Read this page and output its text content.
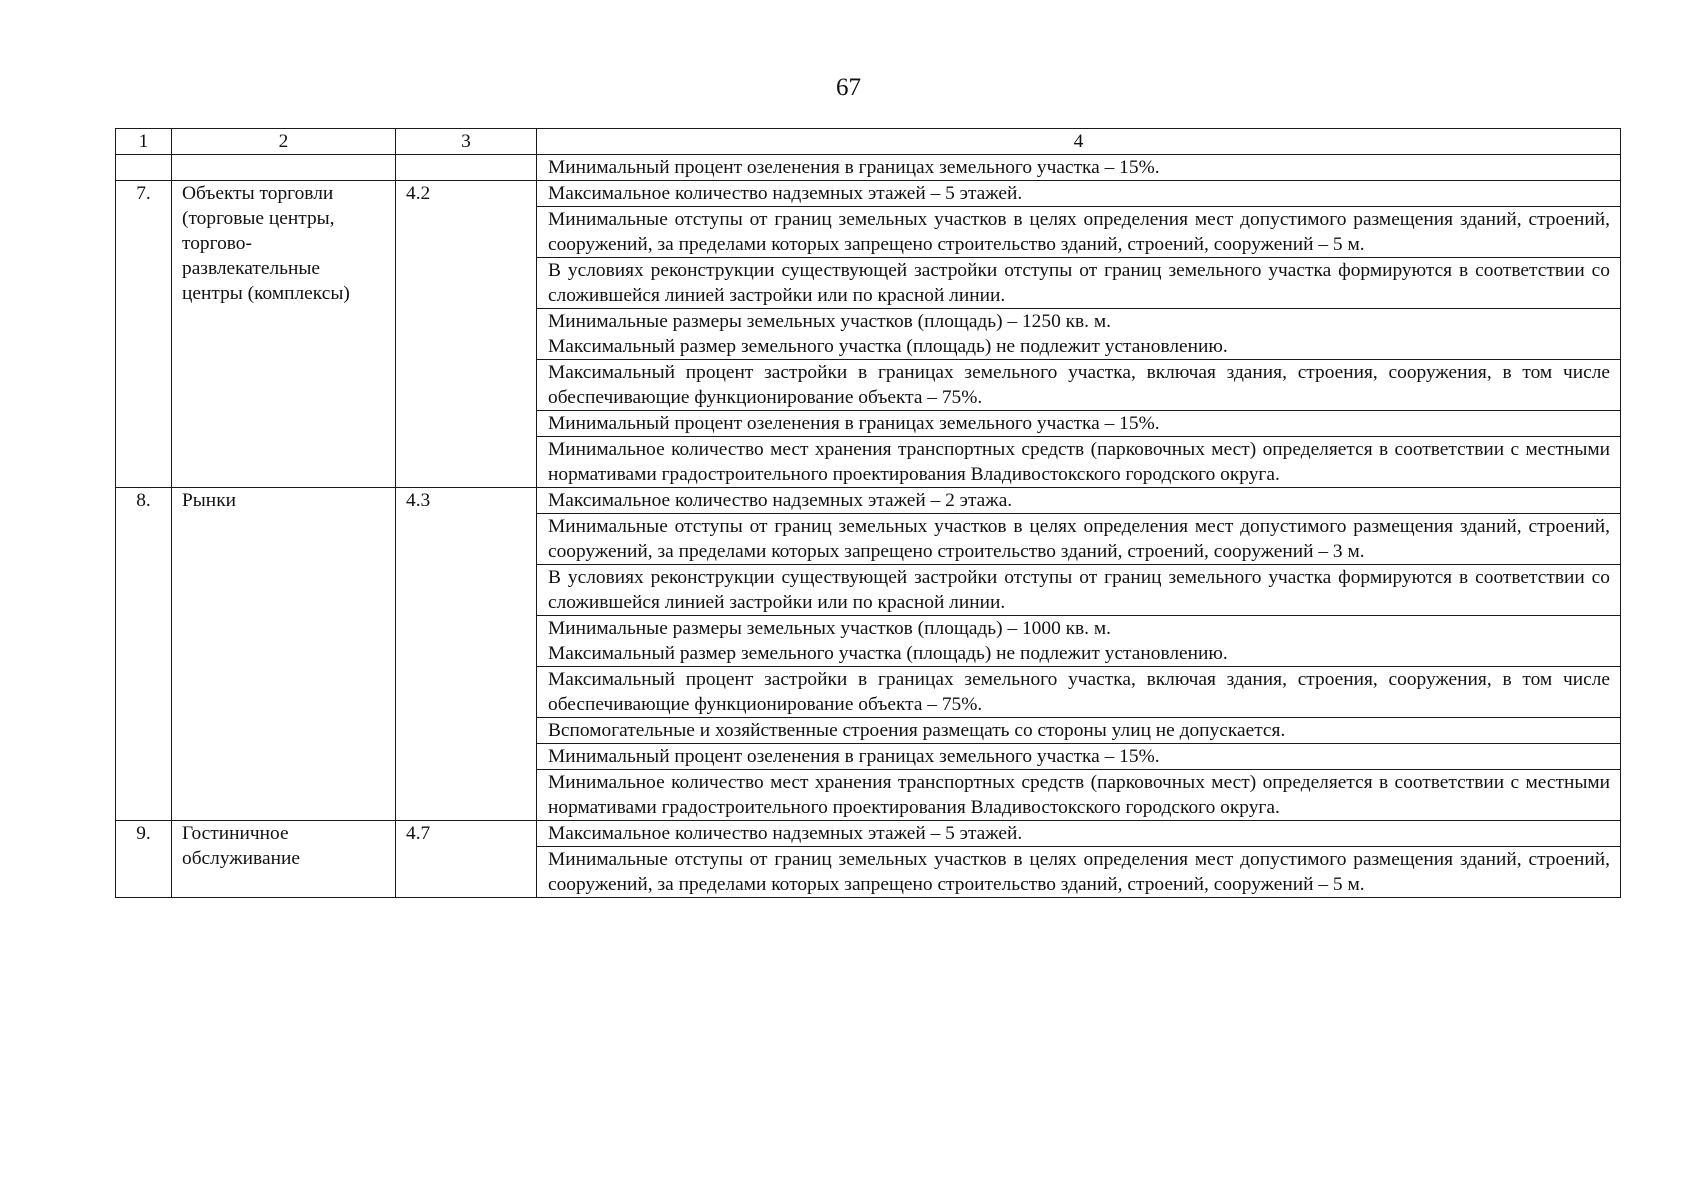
67
1	2	3	4
			Минимальный процент озеленения в границах земельного участка – 15%.
7.	Объекты торговли (торговые центры, торгово-развлекательные центры (комплексы)	4.2	Максимальное количество надземных этажей – 5 этажей.
			Минимальные отступы от границ земельных участков в целях определения мест допустимого размещения зданий, строений, сооружений, за пределами которых запрещено строительство зданий, строений, сооружений – 5 м.
			В условиях реконструкции существующей застройки отступы от границ земельного участка формируются в соответствии со сложившейся линией застройки или по красной линии.

			Минимальные размеры земельных участков (площадь) – 1250 кв. м.
Максимальный размер земельного участка (площадь) не подлежит установлению.

			Максимальный процент застройки в границах земельного участка, включая здания, строения, сооружения, в том числе обеспечивающие функционирование объекта – 75%.
			Минимальный процент озеленения в границах земельного участка – 15%.
			Минимальное количество мест хранения транспортных средств (парковочных мест) определяется в соответствии с местными нормативами градостроительного проектирования Владивостокского городского округа.
8.	Рынки	4.3	Максимальное количество надземных этажей – 2 этажа.
			Минимальные отступы от границ земельных участков в целях определения мест допустимого размещения зданий, строений, сооружений, за пределами которых запрещено строительство зданий, строений, сооружений – 3 м.
			В условиях реконструкции существующей застройки отступы от границ земельного участка формируются в соответствии со сложившейся линией застройки или по красной линии.

			Минимальные размеры земельных участков (площадь) – 1000 кв. м.
Максимальный размер земельного участка (площадь) не подлежит установлению.

			Максимальный процент застройки в границах земельного участка, включая здания, строения, сооружения, в том числе обеспечивающие функционирование объекта – 75%.
			Вспомогательные и хозяйственные строения размещать со стороны улиц не допускается.
			Минимальный процент озеленения в границах земельного участка – 15%.
			Минимальное количество мест хранения транспортных средств (парковочных мест) определяется в соответствии с местными нормативами градостроительного проектирования Владивостокского городского округа.
9.	Гостиничное обслуживание	4.7	Максимальное количество надземных этажей – 5 этажей.
			Минимальные отступы от границ земельных участков в целях определения мест допустимого размещения зданий, строений, сооружений, за пределами которых запрещено строительство зданий, строений, сооружений – 5 м.
